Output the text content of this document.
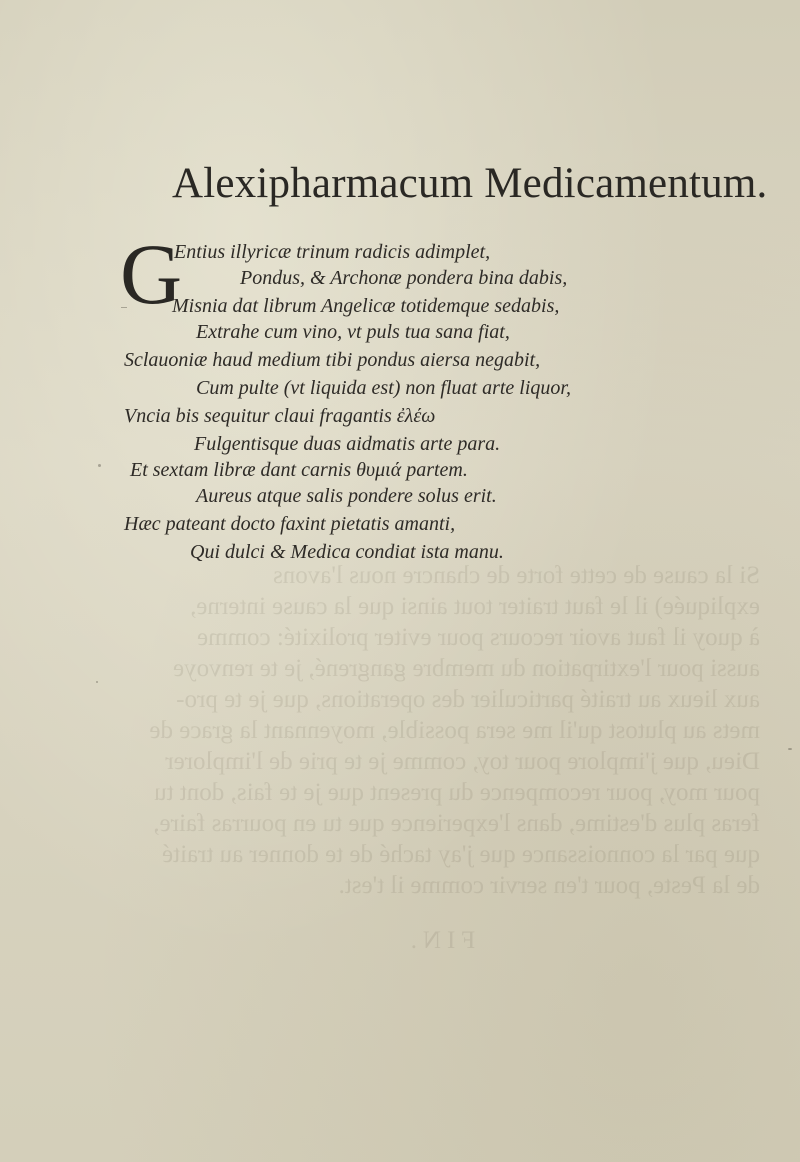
Si la cause de cette forte de chancre nous l'avons
expliquée) il le faut traiter tout ainsi que la cause interne,
à quoy il faut avoir recours pour eviter prolixité: comme
aussi pour l'extirpation du membre gangrené, je te renvoye
aux lieux au traité particulier des operations, que je te pro-
mets au plutost qu'il me sera possible, moyennant la grace de
Dieu, que j'implore pour toy, comme je te prie de l'implorer
pour moy, pour recompence du present que je te fais, dont tu
feras plus d'estime, dans l'experience que tu en pourras faire,
que par la connoissance que j'ay taché de te donner au traité
de la Peste, pour t'en servir comme il t'est.
FIN.
Alexipharmacum Medicamentum.
G
Entius illyricæ trinum radicis adimplet,
Pondus, & Archonæ pondera bina dabis,
Misnia dat librum Angelicæ totidemque sedabis,
Extrahe cum vino, vt puls tua sana fiat,
Sclauoniæ haud medium tibi pondus aiersa negabit,
Cum pulte (vt liquida est) non fluat arte liquor,
Vncia bis sequitur claui fragantis ἐλέω
Fulgentisque duas aidmatis arte para.
Et sextam libræ dant carnis θυμιά partem.
Aureus atque salis pondere solus erit.
Hæc pateant docto faxint pietatis amanti,
Qui dulci & Medica condiat ista manu.
